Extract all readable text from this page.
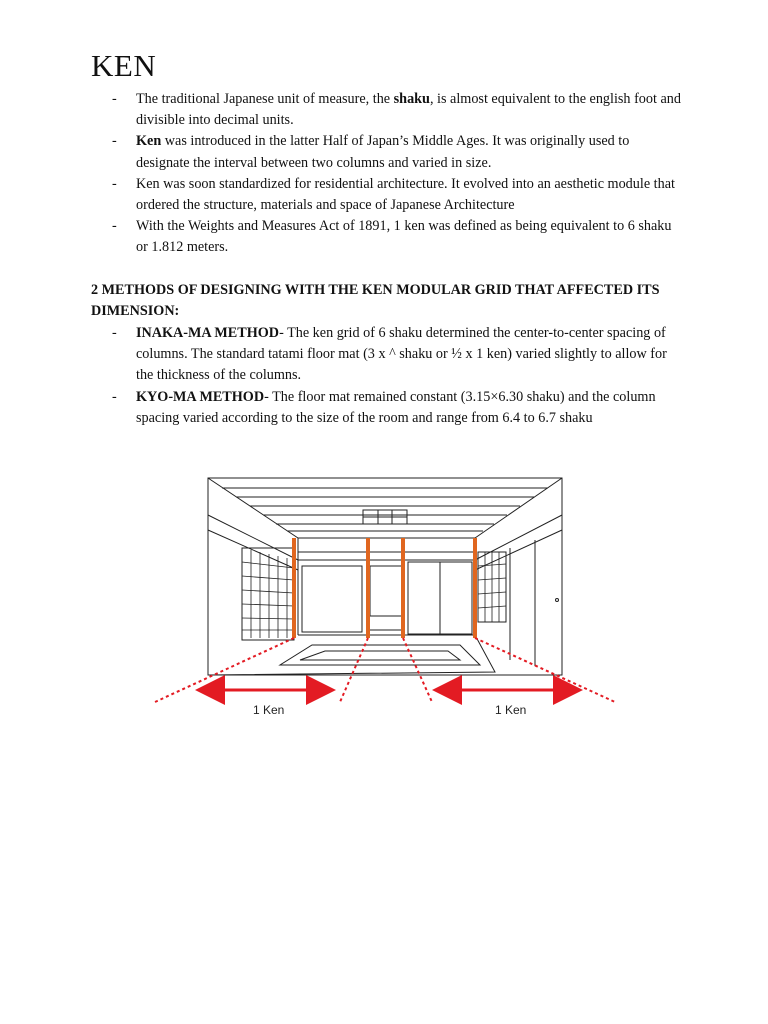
KEN
- The traditional Japanese unit of measure, the shaku, is almost equivalent to the english foot and divisible into decimal units.
- Ken was introduced in the latter Half of Japan’s Middle Ages. It was originally used to designate the interval between two columns and varied in size.
- Ken was soon standardized for residential architecture. It evolved into an aesthetic module that ordered the structure, materials and space of Japanese Architecture
- With the Weights and Measures Act of 1891, 1 ken was defined as being equivalent to 6 shaku or 1.812 meters.
2 METHODS OF DESIGNING WITH THE KEN MODULAR GRID THAT AFFECTED ITS DIMENSION:
- INAKA-MA METHOD- The ken grid of 6 shaku determined the center-to-center spacing of columns. The standard tatami floor mat (3 x ^ shaku or ½ x 1 ken) varied slightly to allow for the thickness of the columns.
- KYO-MA METHOD- The floor mat remained constant (3.15×6.30 shaku) and the column spacing varied according to the size of the room and range from 6.4 to 6.7 shaku
1 Ken	1 Ken
